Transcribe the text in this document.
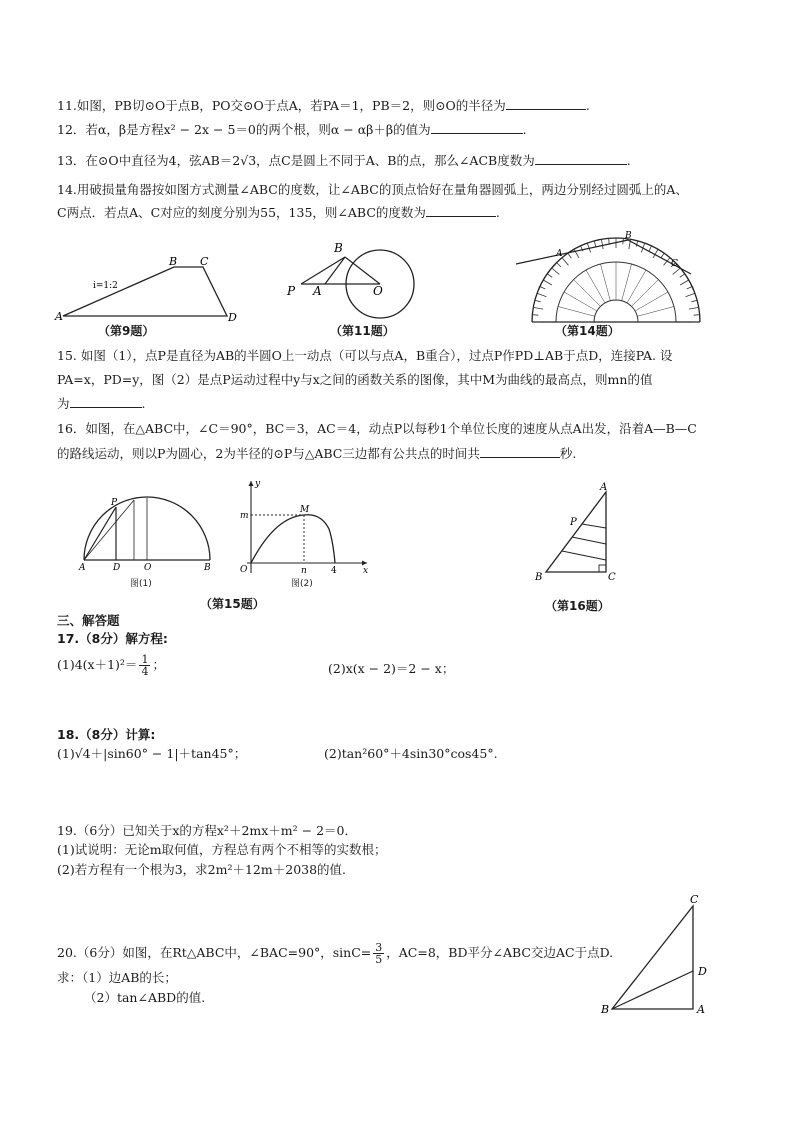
11.如图，PB切⊙O于点B，PO交⊙O于点A，若PA＝1，PB＝2，则⊙O的半径为	.
12．若α，β是方程x² − 2x − 5＝0的两个根，则α − αβ＋β的值为	.
13．在⊙O中直径为4，弦AB＝2√3，点C是圆上不同于A、B的点，那么∠ACB度数为	.
14.用破损量角器按如图方式测量∠ABC的度数，让∠ABC的顶点恰好在量角器圆弧上，两边分别经过圆弧上的A、
C两点．若点A、C对应的刻度分别为55，135，则∠ABC的度数为	.
A
B C
D
i=1:2
（第9题）
B
P A	O
（第11题）
A
B
C
（第14题）
15. 如图（1），点P是直径为AB的半圆O上一动点（可以与点A，B重合），过点P作PD⊥AB于点D，连接PA. 设
PA=x，PD=y，图（2）是点P运动过程中y与x之间的函数关系的图像，其中M为曲线的最高点，则mn的值
为	.
16．如图，在△ABC中，∠C＝90°，BC＝3，AC＝4，动点P以每秒1个单位长度的速度从点A出发，沿着A—B—C
的路线运动，则以P为圆心，2为半径的⊙P与△ABC三边都有公共点的时间共	秒.
P
A	D	O	B
图(1)
y
x
m
M
O	n	4
图(2)
（第15题）
A
P
B	C
（第16题）
三、解答题
17.（8分）解方程:
$(1)4(x+1)^2= \frac{1}{4}$ ；	(2)x(x − 2)＝2 − x；
18.（8分）计算:
(1)√4＋|sin60° − 1|＋tan45°；	(2)tan²60°＋4sin30°cos45°.
19.（6分）已知关于x的方程x²＋2mx＋m² − 2＝0．
(1)试说明：无论m取何值，方程总有两个不相等的实数根；
(2)若方程有一个根为3，求2m²＋12m＋2038的值.
20.（6分）如图，在Rt△ABC中，∠BAC=90°，$\sin C= \frac{3}{5}$ ，AC=8，BD平分∠ABC交边AC于点D.
求：（1）边AB的长；
（2）tan∠ABD的值.
C
D
B	A
